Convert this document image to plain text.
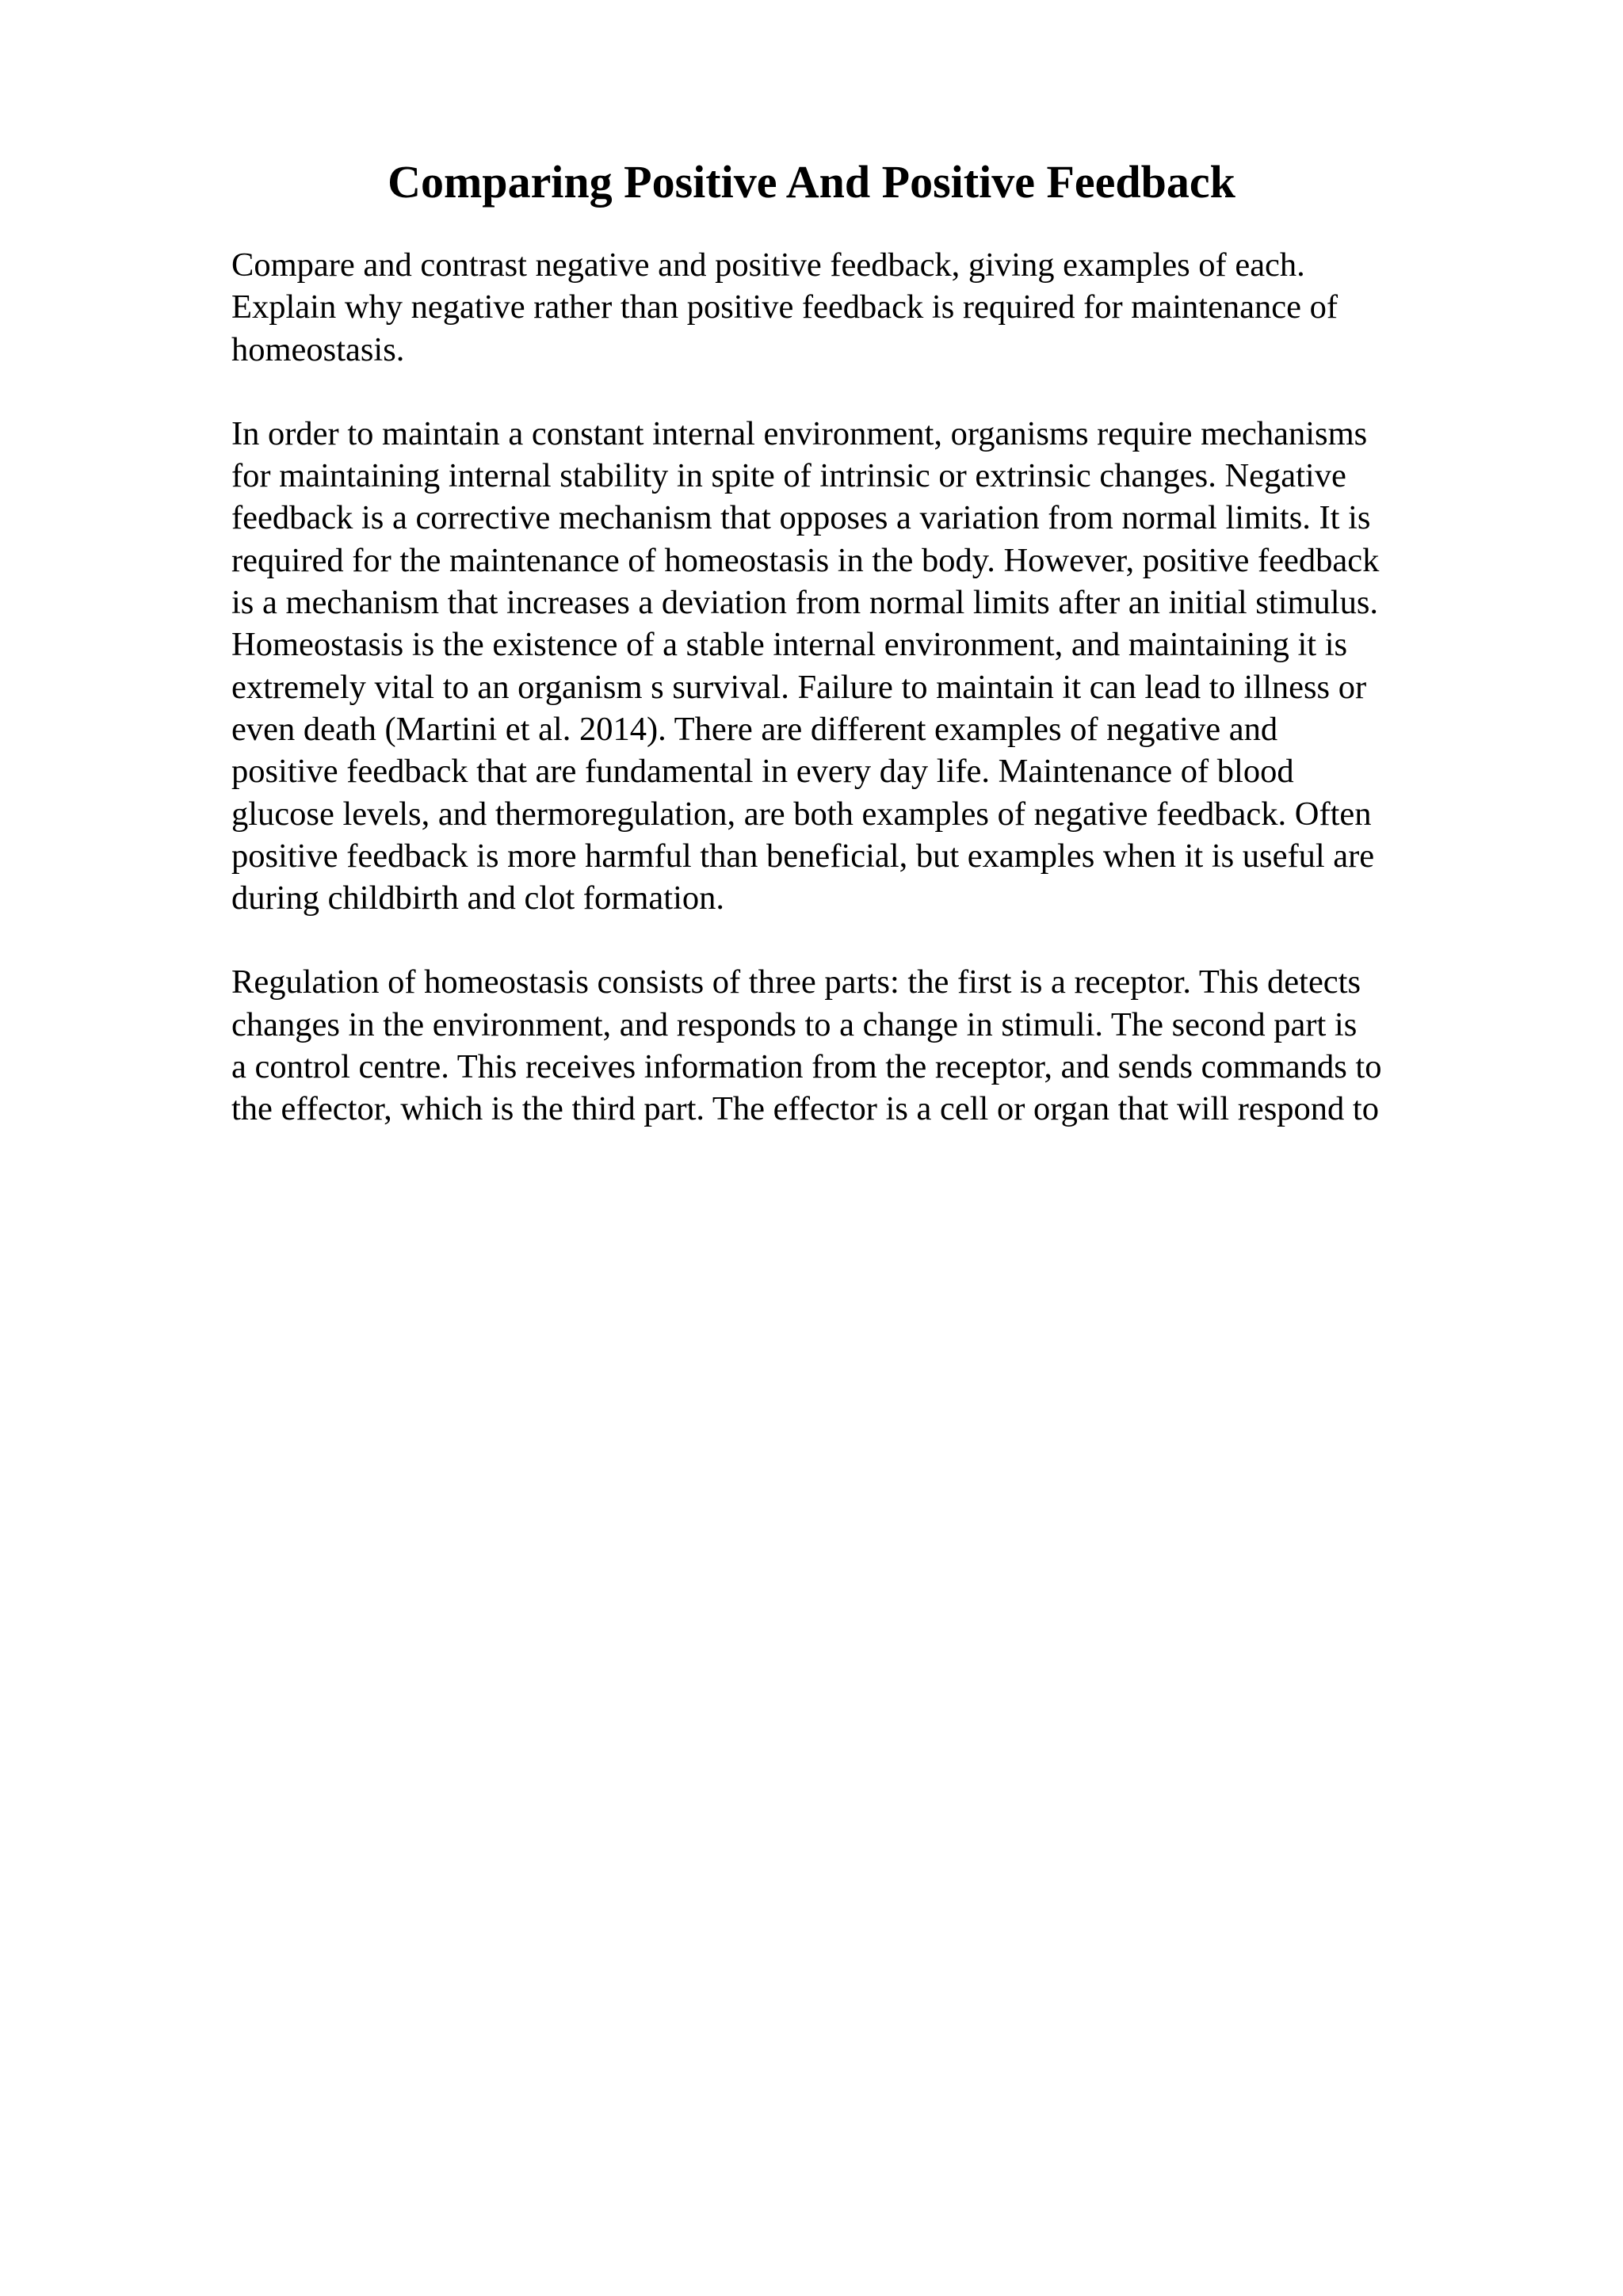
Comparing Positive And Positive Feedback

Compare and contrast negative and positive feedback, giving examples of each.
Explain why negative rather than positive feedback is required for maintenance of
homeostasis.

In order to maintain a constant internal environment, organisms require mechanisms
for maintaining internal stability in spite of intrinsic or extrinsic changes. Negative
feedback is a corrective mechanism that opposes a variation from normal limits. It is
required for the maintenance of homeostasis in the body. However, positive feedback
is a mechanism that increases a deviation from normal limits after an initial stimulus.
Homeostasis is the existence of a stable internal environment, and maintaining it is
extremely vital to an organism s survival. Failure to maintain it can lead to illness or
even death (Martini et al. 2014). There are different examples of negative and
positive feedback that are fundamental in every day life. Maintenance of blood
glucose levels, and thermoregulation, are both examples of negative feedback. Often
positive feedback is more harmful than beneficial, but examples when it is useful are
during childbirth and clot formation.

Regulation of homeostasis consists of three parts: the first is a receptor. This detects
changes in the environment, and responds to a change in stimuli. The second part is
a control centre. This receives information from the receptor, and sends commands to
the effector, which is the third part. The effector is a cell or organ that will respond to
